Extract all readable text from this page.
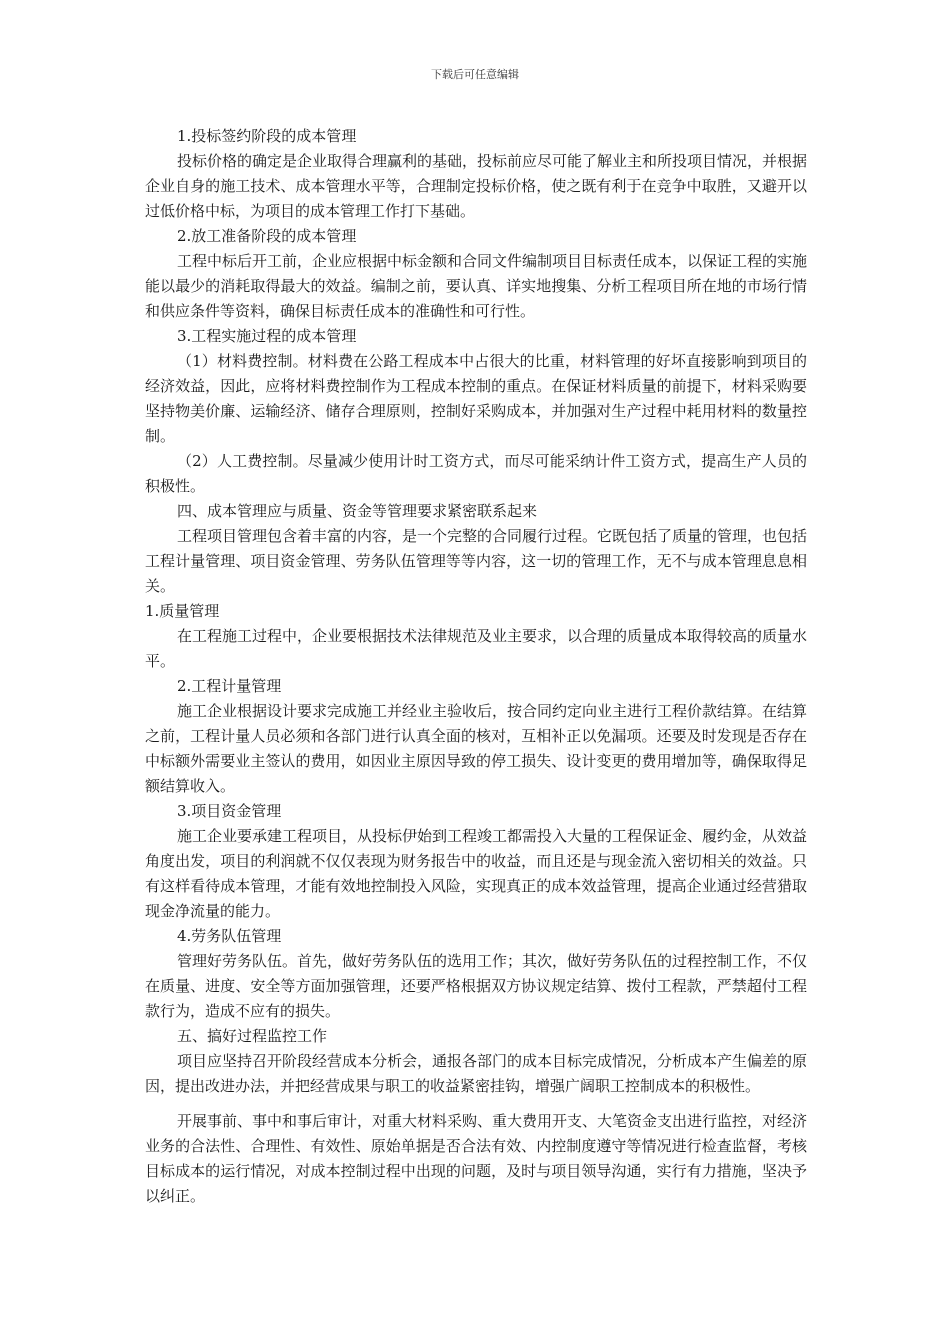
下载后可任意编辑

1.投标签约阶段的成本管理

投标价格的确定是企业取得合理赢利的基础，投标前应尽可能了解业主和所投项目情况，并根据企业自身的施工技术、成本管理水平等，合理制定投标价格，使之既有利于在竞争中取胜，又避开以过低价格中标，为项目的成本管理工作打下基础。

2.放工准备阶段的成本管理

工程中标后开工前，企业应根据中标金额和合同文件编制项目目标责任成本，以保证工程的实施能以最少的消耗取得最大的效益。编制之前，要认真、详实地搜集、分析工程项目所在地的市场行情和供应条件等资料，确保目标责任成本的准确性和可行性。

3.工程实施过程的成本管理

（1）材料费控制。材料费在公路工程成本中占很大的比重，材料管理的好坏直接影响到项目的经济效益，因此，应将材料费控制作为工程成本控制的重点。在保证材料质量的前提下，材料采购要坚持物美价廉、运输经济、储存合理原则，控制好采购成本，并加强对生产过程中耗用材料的数量控制。

（2）人工费控制。尽量减少使用计时工资方式，而尽可能采纳计件工资方式，提高生产人员的积极性。

四、成本管理应与质量、资金等管理要求紧密联系起来

工程项目管理包含着丰富的内容，是一个完整的合同履行过程。它既包括了质量的管理，也包括工程计量管理、项目资金管理、劳务队伍管理等等内容，这一切的管理工作，无不与成本管理息息相关。

1.质量管理

在工程施工过程中，企业要根据技术法律规范及业主要求，以合理的质量成本取得较高的质量水平。

2.工程计量管理

施工企业根据设计要求完成施工并经业主验收后，按合同约定向业主进行工程价款结算。在结算之前，工程计量人员必须和各部门进行认真全面的核对，互相补正以免漏项。还要及时发现是否存在中标额外需要业主签认的费用，如因业主原因导致的停工损失、设计变更的费用增加等，确保取得足额结算收入。

3.项目资金管理

施工企业要承建工程项目，从投标伊始到工程竣工都需投入大量的工程保证金、履约金，从效益角度出发，项目的利润就不仅仅表现为财务报告中的收益，而且还是与现金流入密切相关的效益。只有这样看待成本管理，才能有效地控制投入风险，实现真正的成本效益管理，提高企业通过经营猎取现金净流量的能力。

4.劳务队伍管理

管理好劳务队伍。首先，做好劳务队伍的选用工作；其次，做好劳务队伍的过程控制工作，不仅在质量、进度、安全等方面加强管理，还要严格根据双方协议规定结算、拨付工程款，严禁超付工程款行为，造成不应有的损失。

五、搞好过程监控工作

项目应坚持召开阶段经营成本分析会，通报各部门的成本目标完成情况，分析成本产生偏差的原因，提出改进办法，并把经营成果与职工的收益紧密挂钩，增强广阔职工控制成本的积极性。

开展事前、事中和事后审计，对重大材料采购、重大费用开支、大笔资金支出进行监控，对经济业务的合法性、合理性、有效性、原始单据是否合法有效、内控制度遵守等情况进行检查监督，考核目标成本的运行情况，对成本控制过程中出现的问题，及时与项目领导沟通，实行有力措施，坚决予以纠正。
